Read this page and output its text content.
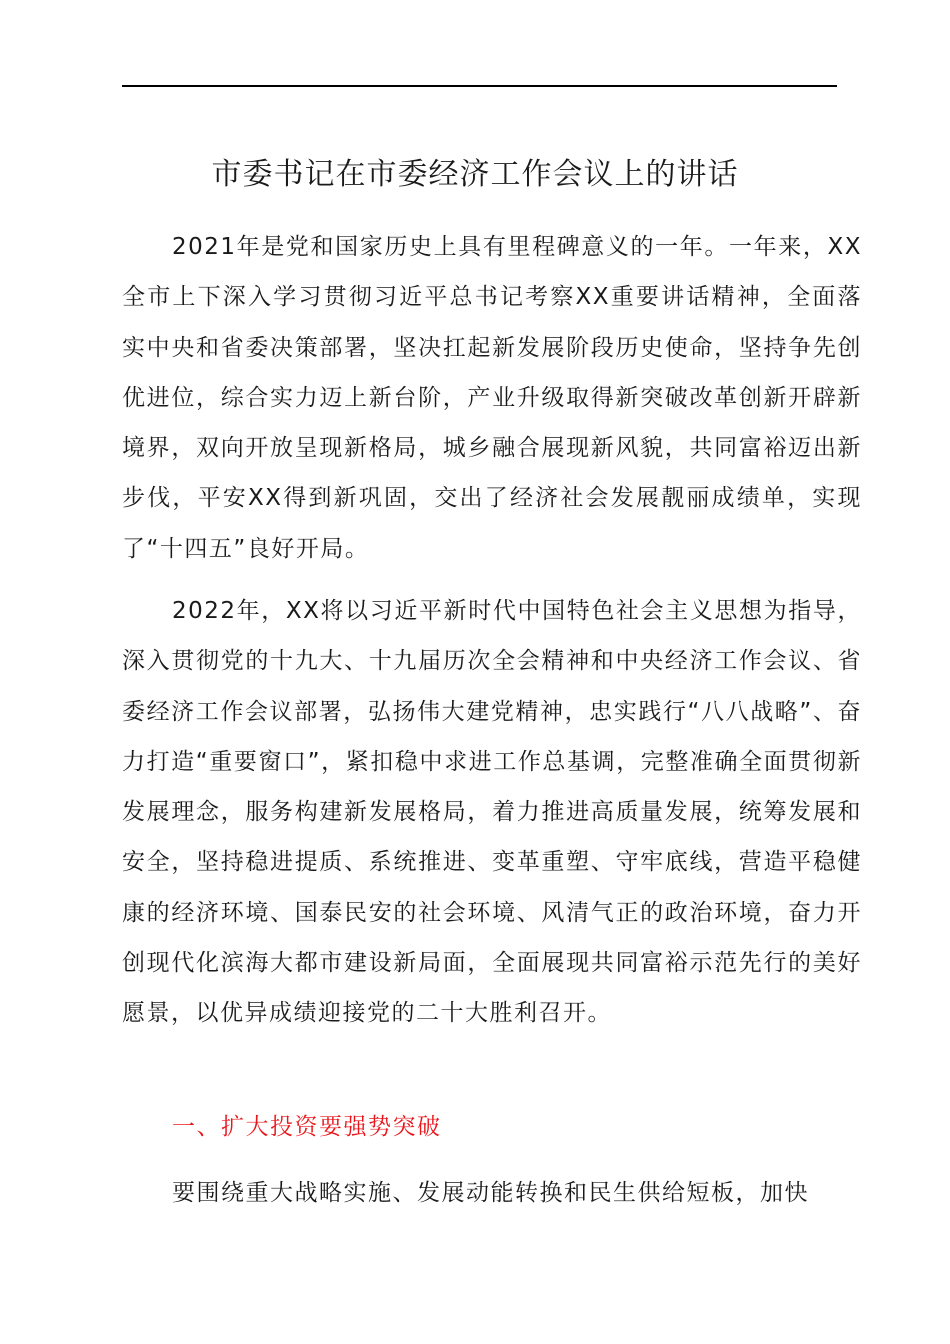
市委书记在市委经济工作会议上的讲话

2021年是党和国家历史上具有里程碑意义的一年。一年来，XX全市上下深入学习贯彻习近平总书记考察XX重要讲话精神，全面落实中央和省委决策部署，坚决扛起新发展阶段历史使命，坚持争先创优进位，综合实力迈上新台阶，产业升级取得新突破改革创新开辟新境界，双向开放呈现新格局，城乡融合展现新风貌，共同富裕迈出新步伐，平安XX得到新巩固，交出了经济社会发展靓丽成绩单，实现了“十四五”良好开局。

2022年，XX将以习近平新时代中国特色社会主义思想为指导，深入贯彻党的十九大、十九届历次全会精神和中央经济工作会议、省委经济工作会议部署，弘扬伟大建党精神，忠实践行“八八战略”、奋力打造“重要窗口”，紧扣稳中求进工作总基调，完整准确全面贯彻新发展理念，服务构建新发展格局，着力推进高质量发展，统筹发展和安全，坚持稳进提质、系统推进、变革重塑、守牢底线，营造平稳健康的经济环境、国泰民安的社会环境、风清气正的政治环境，奋力开创现代化滨海大都市建设新局面，全面展现共同富裕示范先行的美好愿景，以优异成绩迎接党的二十大胜利召开。

一、扩大投资要强势突破

要围绕重大战略实施、发展动能转换和民生供给短板，加快
